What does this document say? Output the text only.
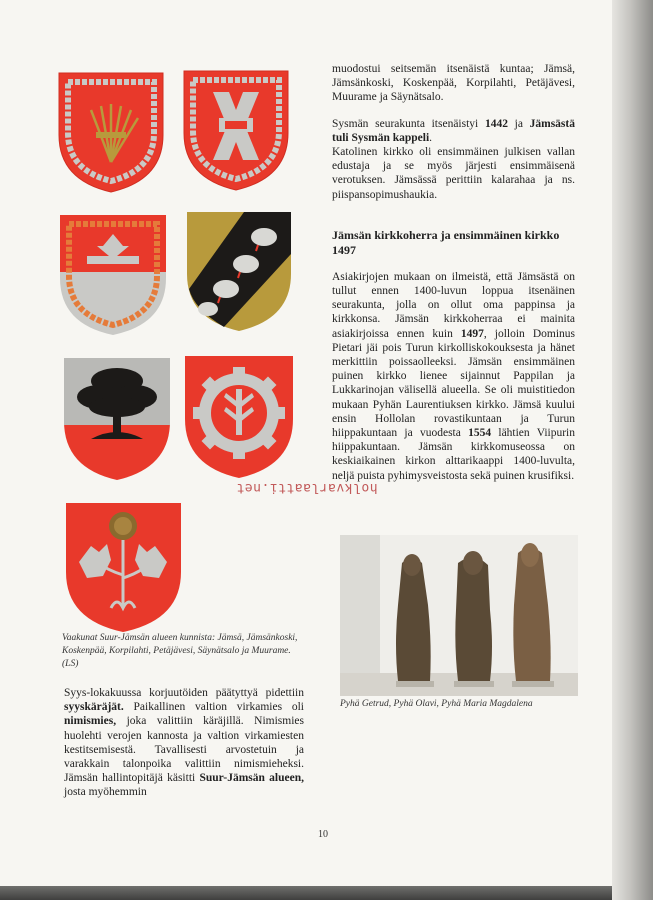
Vaakunat Suur-Jämsän alueen kunnista: Jämsä, Jämsänkoski, Koskenpää, Korpilahti, Petäjävesi, Säynätsalo ja Muurame. (LS)
Syys-lokakuussa korjuutöiden päätyttyä pidettiin syyskäräjät. Paikallinen valtion virkamies oli nimismies, joka valittiin käräjillä. Nimismies huolehti verojen kannosta ja valtion virkamiesten kestitsemisestä. Tavallisesti arvostetuin ja varakkain talonpoika valittiin nimismieheksi. Jämsän hallintopitäjä käsitti Suur-Jämsän alueen, josta myöhemmin

muodostui seitsemän itsenäistä kuntaa; Jämsä, Jämsänkoski, Koskenpää, Korpilahti, Petäjävesi, Muurame ja Säynätsalo.

Sysmän seurakunta itsenäistyi 1442 ja Jämsästä tuli Sysmän kappeli.

Katolinen kirkko oli ensimmäinen julkisen vallan edustaja ja se myös järjesti ensimmäisenä verotuksen. Jämsässä perittiin kalarahaa ja ns. piispansopimushaukia.

Jämsän kirkkoherra ja ensimmäinen kirkko 1497

Asiakirjojen mukaan on ilmeistä, että Jämsästä on tullut ennen 1400-luvun loppua itsenäinen seurakunta, jolla on ollut oma pappinsa ja kirkkonsa. Jämsän kirkkoherraa ei mainita asiakirjoissa ennen kuin 1497, jolloin Dominus Pietari jäi pois Turun kirkolliskokouksesta ja hänet merkittiin poissaolleeksi. Jämsän ensimmäinen puinen kirkko lienee sijainnut Pappilan ja Lukkarinojan välisellä alueella. Se oli muistitiedon mukaan Pyhän Laurentiuksen kirkko. Jämsä kuului ensin Hollolan rovastikuntaan ja Turun hiippakuntaan ja vuodesta 1554 lähtien Viipurin hiippakuntaan. Jämsän kirkkomuseossa on keskiaikainen kirkon alttarikaappi 1400-luvulta, neljä puista pyhimysveistosta sekä puinen krusifiksi.

holkvarlaatti.net
Pyhä Getrud, Pyhä Olavi, Pyhä Maria Magdalena
10
